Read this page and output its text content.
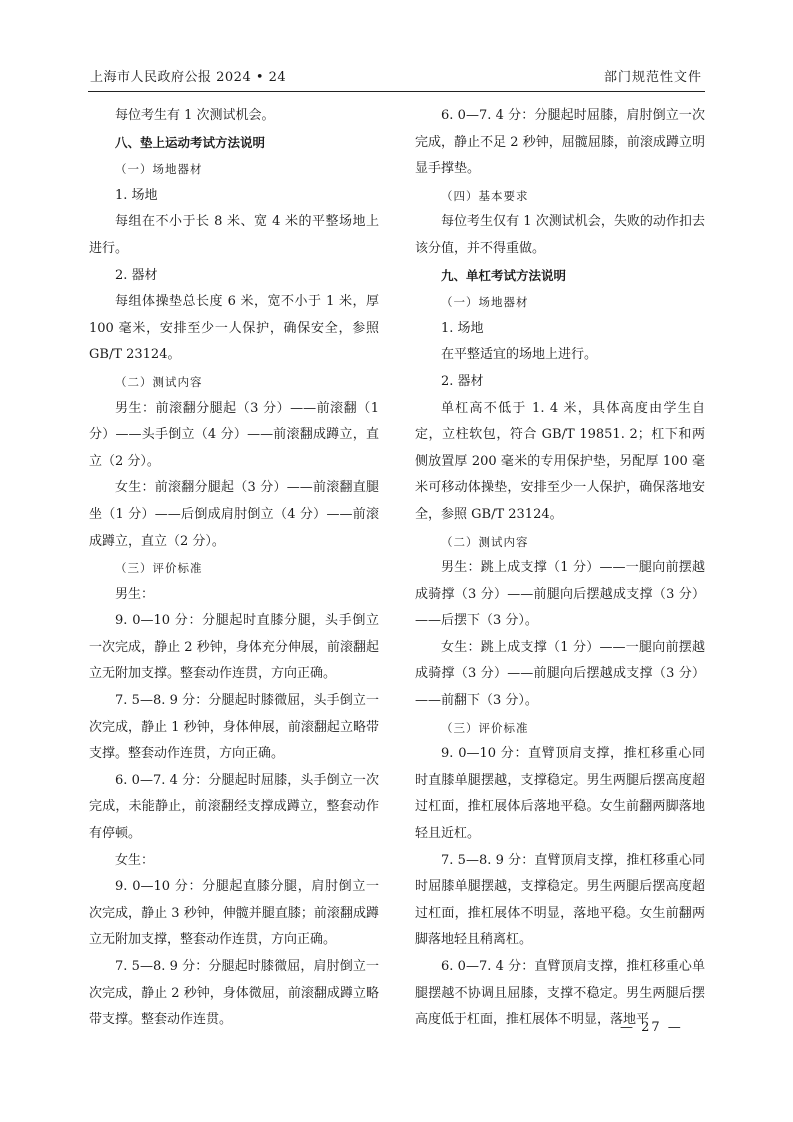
上海市人民政府公报 2024 • 24	部门规范性文件

每位考生有 1 次测试机会。

八、垫上运动考试方法说明

（一）场地器材

1. 场地

每组在不小于长 8 米、宽 4 米的平整场地上进行。

2. 器材

每组体操垫总长度 6 米，宽不小于 1 米，厚 100 毫米，安排至少一人保护，确保安全，参照 GB/T 23124。

（二）测试内容

男生：前滚翻分腿起（3 分）——前滚翻（1 分）——头手倒立（4 分）——前滚翻成蹲立，直立（2 分）。

女生：前滚翻分腿起（3 分）——前滚翻直腿坐（1 分）——后倒成肩肘倒立（4 分）——前滚成蹲立，直立（2 分）。

（三）评价标准

男生：

9. 0—10 分：分腿起时直膝分腿，头手倒立一次完成，静止 2 秒钟，身体充分伸展，前滚翻起立无附加支撑。整套动作连贯，方向正确。

7. 5—8. 9 分：分腿起时膝微屈，头手倒立一次完成，静止 1 秒钟，身体伸展，前滚翻起立略带支撑。整套动作连贯，方向正确。

6. 0—7. 4 分：分腿起时屈膝，头手倒立一次完成，未能静止，前滚翻经支撑成蹲立，整套动作有停顿。

女生：

9. 0—10 分：分腿起直膝分腿，肩肘倒立一次完成，静止 3 秒钟，伸髋并腿直膝；前滚翻成蹲立无附加支撑，整套动作连贯，方向正确。

7. 5—8. 9 分：分腿起时膝微屈，肩肘倒立一次完成，静止 2 秒钟，身体微屈，前滚翻成蹲立略带支撑。整套动作连贯。

6. 0—7. 4 分：分腿起时屈膝，肩肘倒立一次完成，静止不足 2 秒钟，屈髋屈膝，前滚成蹲立明显手撑垫。

（四）基本要求

每位考生仅有 1 次测试机会，失败的动作扣去该分值，并不得重做。

九、单杠考试方法说明

（一）场地器材

1. 场地

在平整适宜的场地上进行。

2. 器材

单杠高不低于 1. 4 米，具体高度由学生自定，立柱软包，符合 GB/T 19851. 2；杠下和两侧放置厚 200 毫米的专用保护垫，另配厚 100 毫米可移动体操垫，安排至少一人保护，确保落地安全，参照 GB/T 23124。

（二）测试内容

男生：跳上成支撑（1 分）——一腿向前摆越成骑撑（3 分）——前腿向后摆越成支撑（3 分）——后摆下（3 分）。

女生：跳上成支撑（1 分）——一腿向前摆越成骑撑（3 分）——前腿向后摆越成支撑（3 分）——前翻下（3 分）。

（三）评价标准

9. 0—10 分：直臂顶肩支撑，推杠移重心同时直膝单腿摆越，支撑稳定。男生两腿后摆高度超过杠面，推杠展体后落地平稳。女生前翻两脚落地轻且近杠。

7. 5—8. 9 分：直臂顶肩支撑，推杠移重心同时屈膝单腿摆越，支撑稳定。男生两腿后摆高度超过杠面，推杠展体不明显，落地平稳。女生前翻两脚落地轻且稍离杠。

6. 0—7. 4 分：直臂顶肩支撑，推杠移重心单腿摆越不协调且屈膝，支撑不稳定。男生两腿后摆高度低于杠面，推杠展体不明显，落地平

— 27 —
